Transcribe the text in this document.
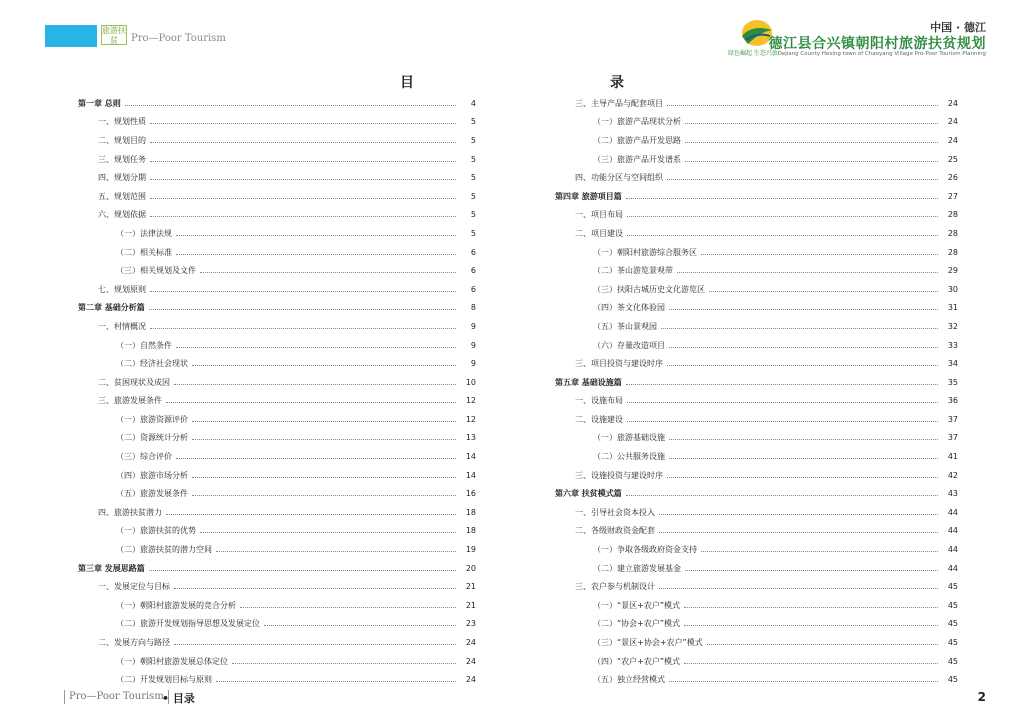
旅游扶贫	Pro—Poor Tourism
绿色崛起 生态兴旅
中国 · 德江
德江县合兴镇朝阳村旅游扶贫规划
Dejiang County Hexing town of Chaoyang Village Pro-Poor Tourism Planning
目	录
第一章 总则	4
一、规划性质	5
二、规划目的	5
三、规划任务	5
四、规划分期	5
五、规划范围	5
六、规划依据	5
（一）法律法规	5
（二）相关标准	6
（三）相关规划及文件	6
七、规划原则	6
第二章 基础分析篇	8
一、村情概况	9
（一）自然条件	9
（二）经济社会现状	9
二、贫困现状及成因	10
三、旅游发展条件	12
（一）旅游资源评价	12
（二）资源统计分析	13
（三）综合评价	14
（四）旅游市场分析	14
（五）旅游发展条件	16
四、旅游扶贫潜力	18
（一）旅游扶贫的优势	18
（二）旅游扶贫的潜力空间	19
第三章 发展思路篇	20
一、发展定位与目标	21
（一）朝阳村旅游发展的竞合分析	21
（二）旅游开发规划指导思想及发展定位	23
二、发展方向与路径	24
（一）朝阳村旅游发展总体定位	24
（二）开发规划目标与原则	24
三、主导产品与配套项目	24
（一）旅游产品现状分析	24
（二）旅游产品开发思路	24
（三）旅游产品开发谱系	25
四、功能分区与空间组织	26
第四章 旅游项目篇	27
一、项目布局	28
二、项目建设	28
（一）朝阳村旅游综合服务区	28
（二）茶山游览景观带	29
（三）扶阳古城历史文化游览区	30
（四）茶文化体验园	31
（五）茶山景观园	32
（六）存量改造项目	33
三、项目投资与建设时序	34
第五章 基础设施篇	35
一、设施布局	36
二、设施建设	37
（一）旅游基础设施	37
（二）公共服务设施	41
三、设施投资与建设时序	42
第六章 扶贫模式篇	43
一、引导社会资本投入	44
二、各级财政资金配套	44
（一）争取各级政府资金支持	44
（二）建立旅游发展基金	44
三、农户参与机制设计	45
（一）“景区+农户”模式	45
（二）“协会+农户”模式	45
（三）“景区+协会+农户”模式	45
（四）“农户+农户”模式	45
（五）独立经营模式	45
Pro—Poor Tourism
• 目录	2
